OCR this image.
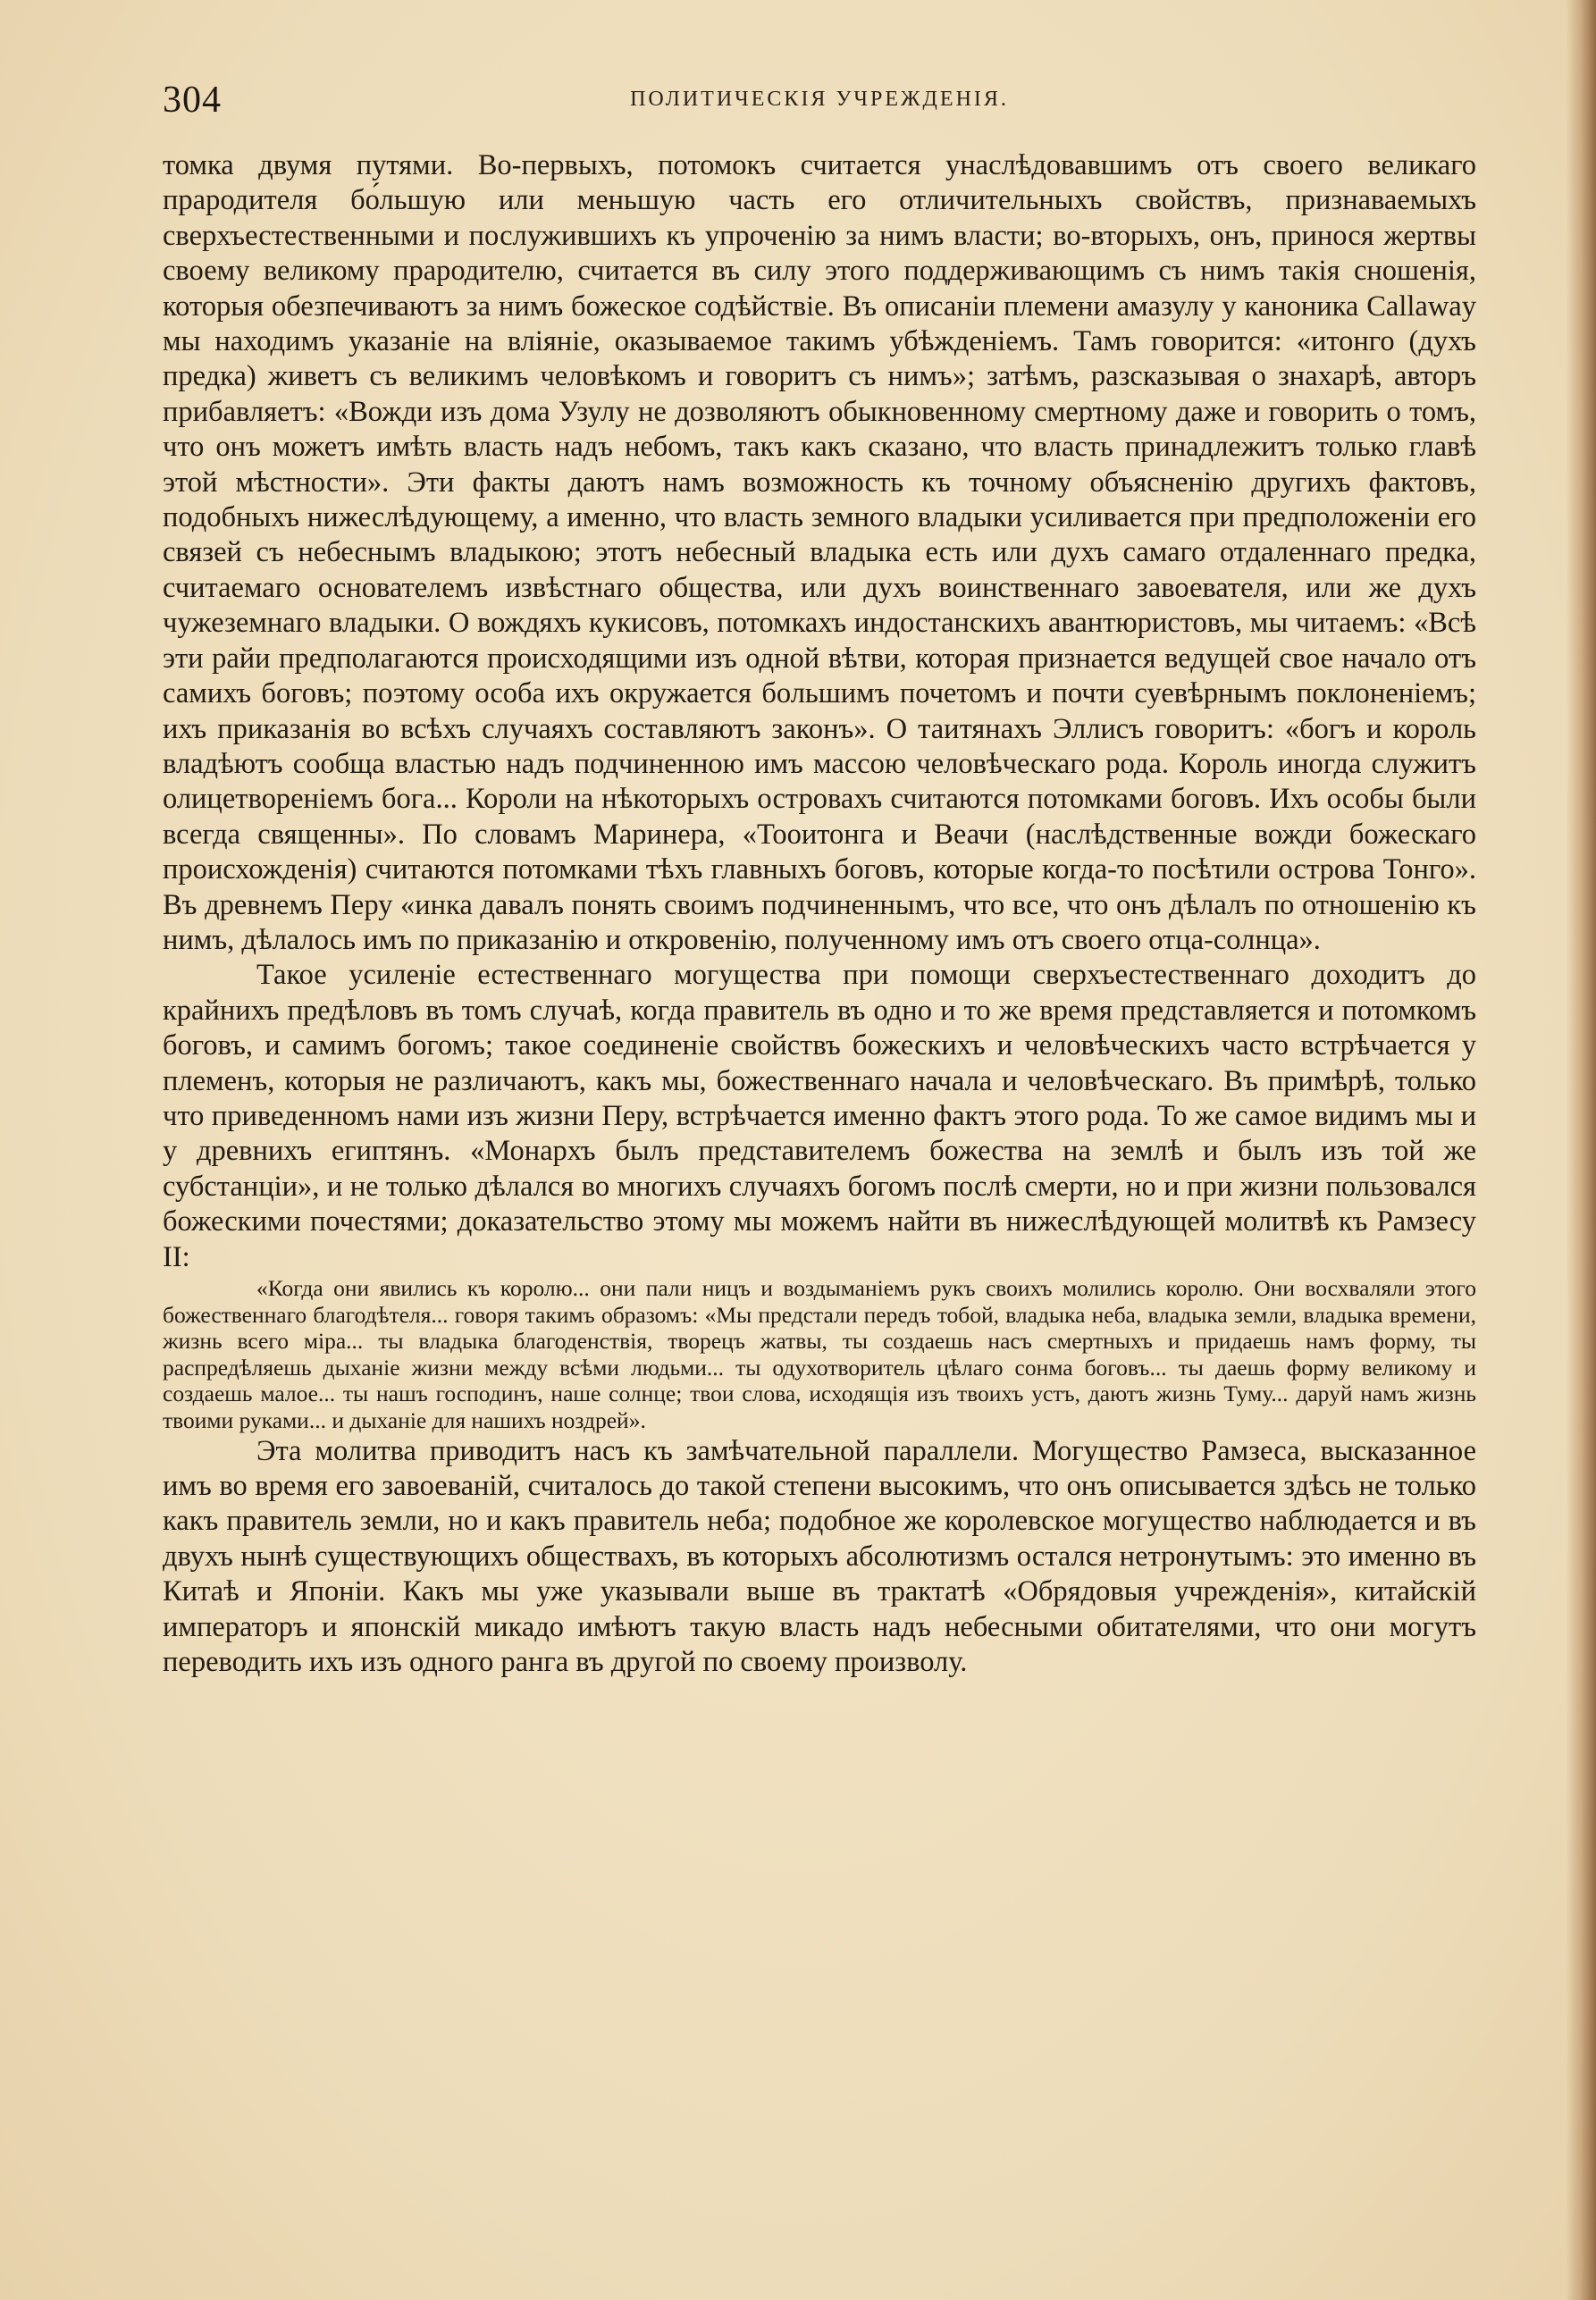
304	ПОЛИТИЧЕСКІЯ УЧРЕЖДЕНІЯ.

томка двумя путями. Во-первыхъ, потомокъ считается унаслѣдовавшимъ отъ своего великаго прародителя бо́льшую или меньшую часть его отличительныхъ свойствъ, признаваемыхъ сверхъестественными и послужившихъ къ упроченію за нимъ власти; во-вторыхъ, онъ, принося жертвы своему великому прародителю, считается въ силу этого поддерживающимъ съ нимъ такія сношенія, которыя обезпечиваютъ за нимъ божеское содѣйствіе. Въ описаніи племени амазулу у каноника Callaway мы находимъ указаніе на вліяніе, оказываемое такимъ убѣжденіемъ. Тамъ говорится: «итонго (духъ предка) живетъ съ великимъ человѣкомъ и говоритъ съ нимъ»; затѣмъ, разсказывая о знахарѣ, авторъ прибавляетъ: «Вожди изъ дома Узулу не дозволяютъ обыкновенному смертному даже и говорить о томъ, что онъ можетъ имѣть власть надъ небомъ, такъ какъ сказано, что власть принадлежитъ только главѣ этой мѣстности». Эти факты даютъ намъ возможность къ точному объясненію другихъ фактовъ, подобныхъ нижеслѣдующему, а именно, что власть земного владыки усиливается при предположеніи его связей съ небеснымъ владыкою; этотъ небесный владыка есть или духъ самаго отдаленнаго предка, считаемаго основателемъ извѣстнаго общества, или духъ воинственнаго завоевателя, или же духъ чужеземнаго владыки. О вождяхъ кукисовъ, потомкахъ индостанскихъ авантюристовъ, мы читаемъ: «Всѣ эти райи предполагаются происходящими изъ одной вѣтви, которая признается ведущей свое начало отъ самихъ боговъ; поэтому особа ихъ окружается большимъ почетомъ и почти суевѣрнымъ поклоненіемъ; ихъ приказанія во всѣхъ случаяхъ составляютъ законъ». О таитянахъ Эллисъ говоритъ: «богъ и король владѣютъ сообща властью надъ подчиненною имъ массою человѣческаго рода. Король иногда служитъ олицетвореніемъ бога... Короли на нѣкоторыхъ островахъ считаются потомками боговъ. Ихъ особы были всегда священны». По словамъ Маринера, «Тооитонга и Веачи (наслѣдственные вожди божескаго происхожденія) считаются потомками тѣхъ главныхъ боговъ, которые когда-то посѣтили острова Тонго». Въ древнемъ Перу «инка давалъ понять своимъ подчиненнымъ, что все, что онъ дѣлалъ по отношенію къ нимъ, дѣлалось имъ по приказанію и откровенію, полученному имъ отъ своего отца-солнца».

Такое усиленіе естественнаго могущества при помощи сверхъестественнаго доходитъ до крайнихъ предѣловъ въ томъ случаѣ, когда правитель въ одно и то же время представляется и потомкомъ боговъ, и самимъ богомъ; такое соединеніе свойствъ божескихъ и человѣческихъ часто встрѣчается у племенъ, которыя не различаютъ, какъ мы, божественнаго начала и человѣческаго. Въ примѣрѣ, только что приведенномъ нами изъ жизни Перу, встрѣчается именно фактъ этого рода. То же самое видимъ мы и у древнихъ египтянъ. «Монархъ былъ представителемъ божества на землѣ и былъ изъ той же субстанціи», и не только дѣлался во многихъ случаяхъ богомъ послѣ смерти, но и при жизни пользовался божескими почестями; доказательство этому мы можемъ найти въ нижеслѣдующей молитвѣ къ Рамзесу II:

«Когда они явились къ королю... они пали ницъ и воздыманіемъ рукъ своихъ молились королю. Они восхваляли этого божественнаго благодѣтеля... говоря такимъ образомъ: «Мы предстали передъ тобой, владыка неба, владыка земли, владыка времени, жизнь всего міра... ты владыка благоденствія, творецъ жатвы, ты создаешь насъ смертныхъ и придаешь намъ форму, ты распредѣляешь дыханіе жизни между всѣми людьми... ты одухотворитель цѣлаго сонма боговъ... ты даешь форму великому и создаешь малое... ты нашъ господинъ, наше солнце; твои слова, исходящія изъ твоихъ устъ, даютъ жизнь Туму... даруй намъ жизнь твоими руками... и дыханіе для нашихъ ноздрей».

Эта молитва приводитъ насъ къ замѣчательной параллели. Могущество Рамзеса, высказанное имъ во время его завоеваній, считалось до такой степени высокимъ, что онъ описывается здѣсь не только какъ правитель земли, но и какъ правитель неба; подобное же королевское могущество наблюдается и въ двухъ нынѣ существующихъ обществахъ, въ которыхъ абсолютизмъ остался нетронутымъ: это именно въ Китаѣ и Японіи. Какъ мы уже указывали выше въ трактатѣ «Обрядовыя учрежденія», китайскій императоръ и японскій микадо имѣютъ такую власть надъ небесными обитателями, что они могутъ переводить ихъ изъ одного ранга въ другой по своему произволу.
